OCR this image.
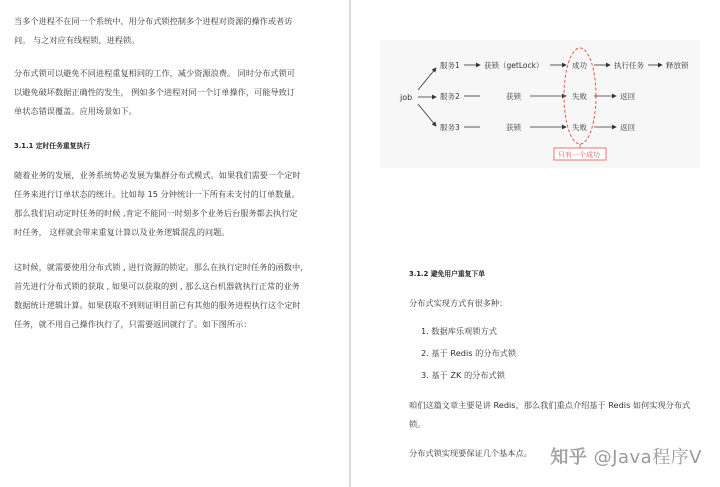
当多个进程不在同一个系统中，用分布式锁控制多个进程对资源的操作或者访
问。 与之对应有线程锁，进程锁。

分布式锁可以避免不同进程重复相同的工作，减少资源浪费。 同时分布式锁可
以避免破坏数据正确性的发生， 例如多个进程对同一个订单操作，可能导致订
单状态错误覆盖。应用场景如下。

3.1.1 定时任务重复执行

随着业务的发展，业务系统势必发展为集群分布式模式。如果我们需要一个定时
任务来进行订单状态的统计。比如每 15 分钟统计一下所有未支付的订单数量。
那么我们启动定时任务的时候 ,肯定不能同一时刻多个业务后台服务都去执行定
时任务， 这样就会带来重复计算以及业务逻辑混乱的问题。

这时候，就需要使用分布式锁 , 进行资源的锁定。那么在执行定时任务的函数中，
首先进行分布式锁的获取 , 如果可以获取的到 , 那么这台机器就执行正常的业务
数据统计逻辑计算。如果获取不到则证明目前已有其他的服务进程执行这个定时
任务，就不用自己操作执行了，只需要返回就行了。如下图所示：

job
服务1
服务2
服务3
获锁（getLock）
获锁
获锁
成功
失败
失败
执行任务
返回
返回
释放锁
只有一个成功

3.1.2 避免用户重复下单

分布式实现方式有很多种：

1. 数据库乐观锁方式
2. 基于 Redis 的分布式锁
3. 基于 ZK 的分布式锁

咱们这篇文章主要是讲 Redis，那么我们重点介绍基于 Redis 如何实现分布式
锁。

分布式锁实现要保证几个基本点。 知乎 @Java程序V
